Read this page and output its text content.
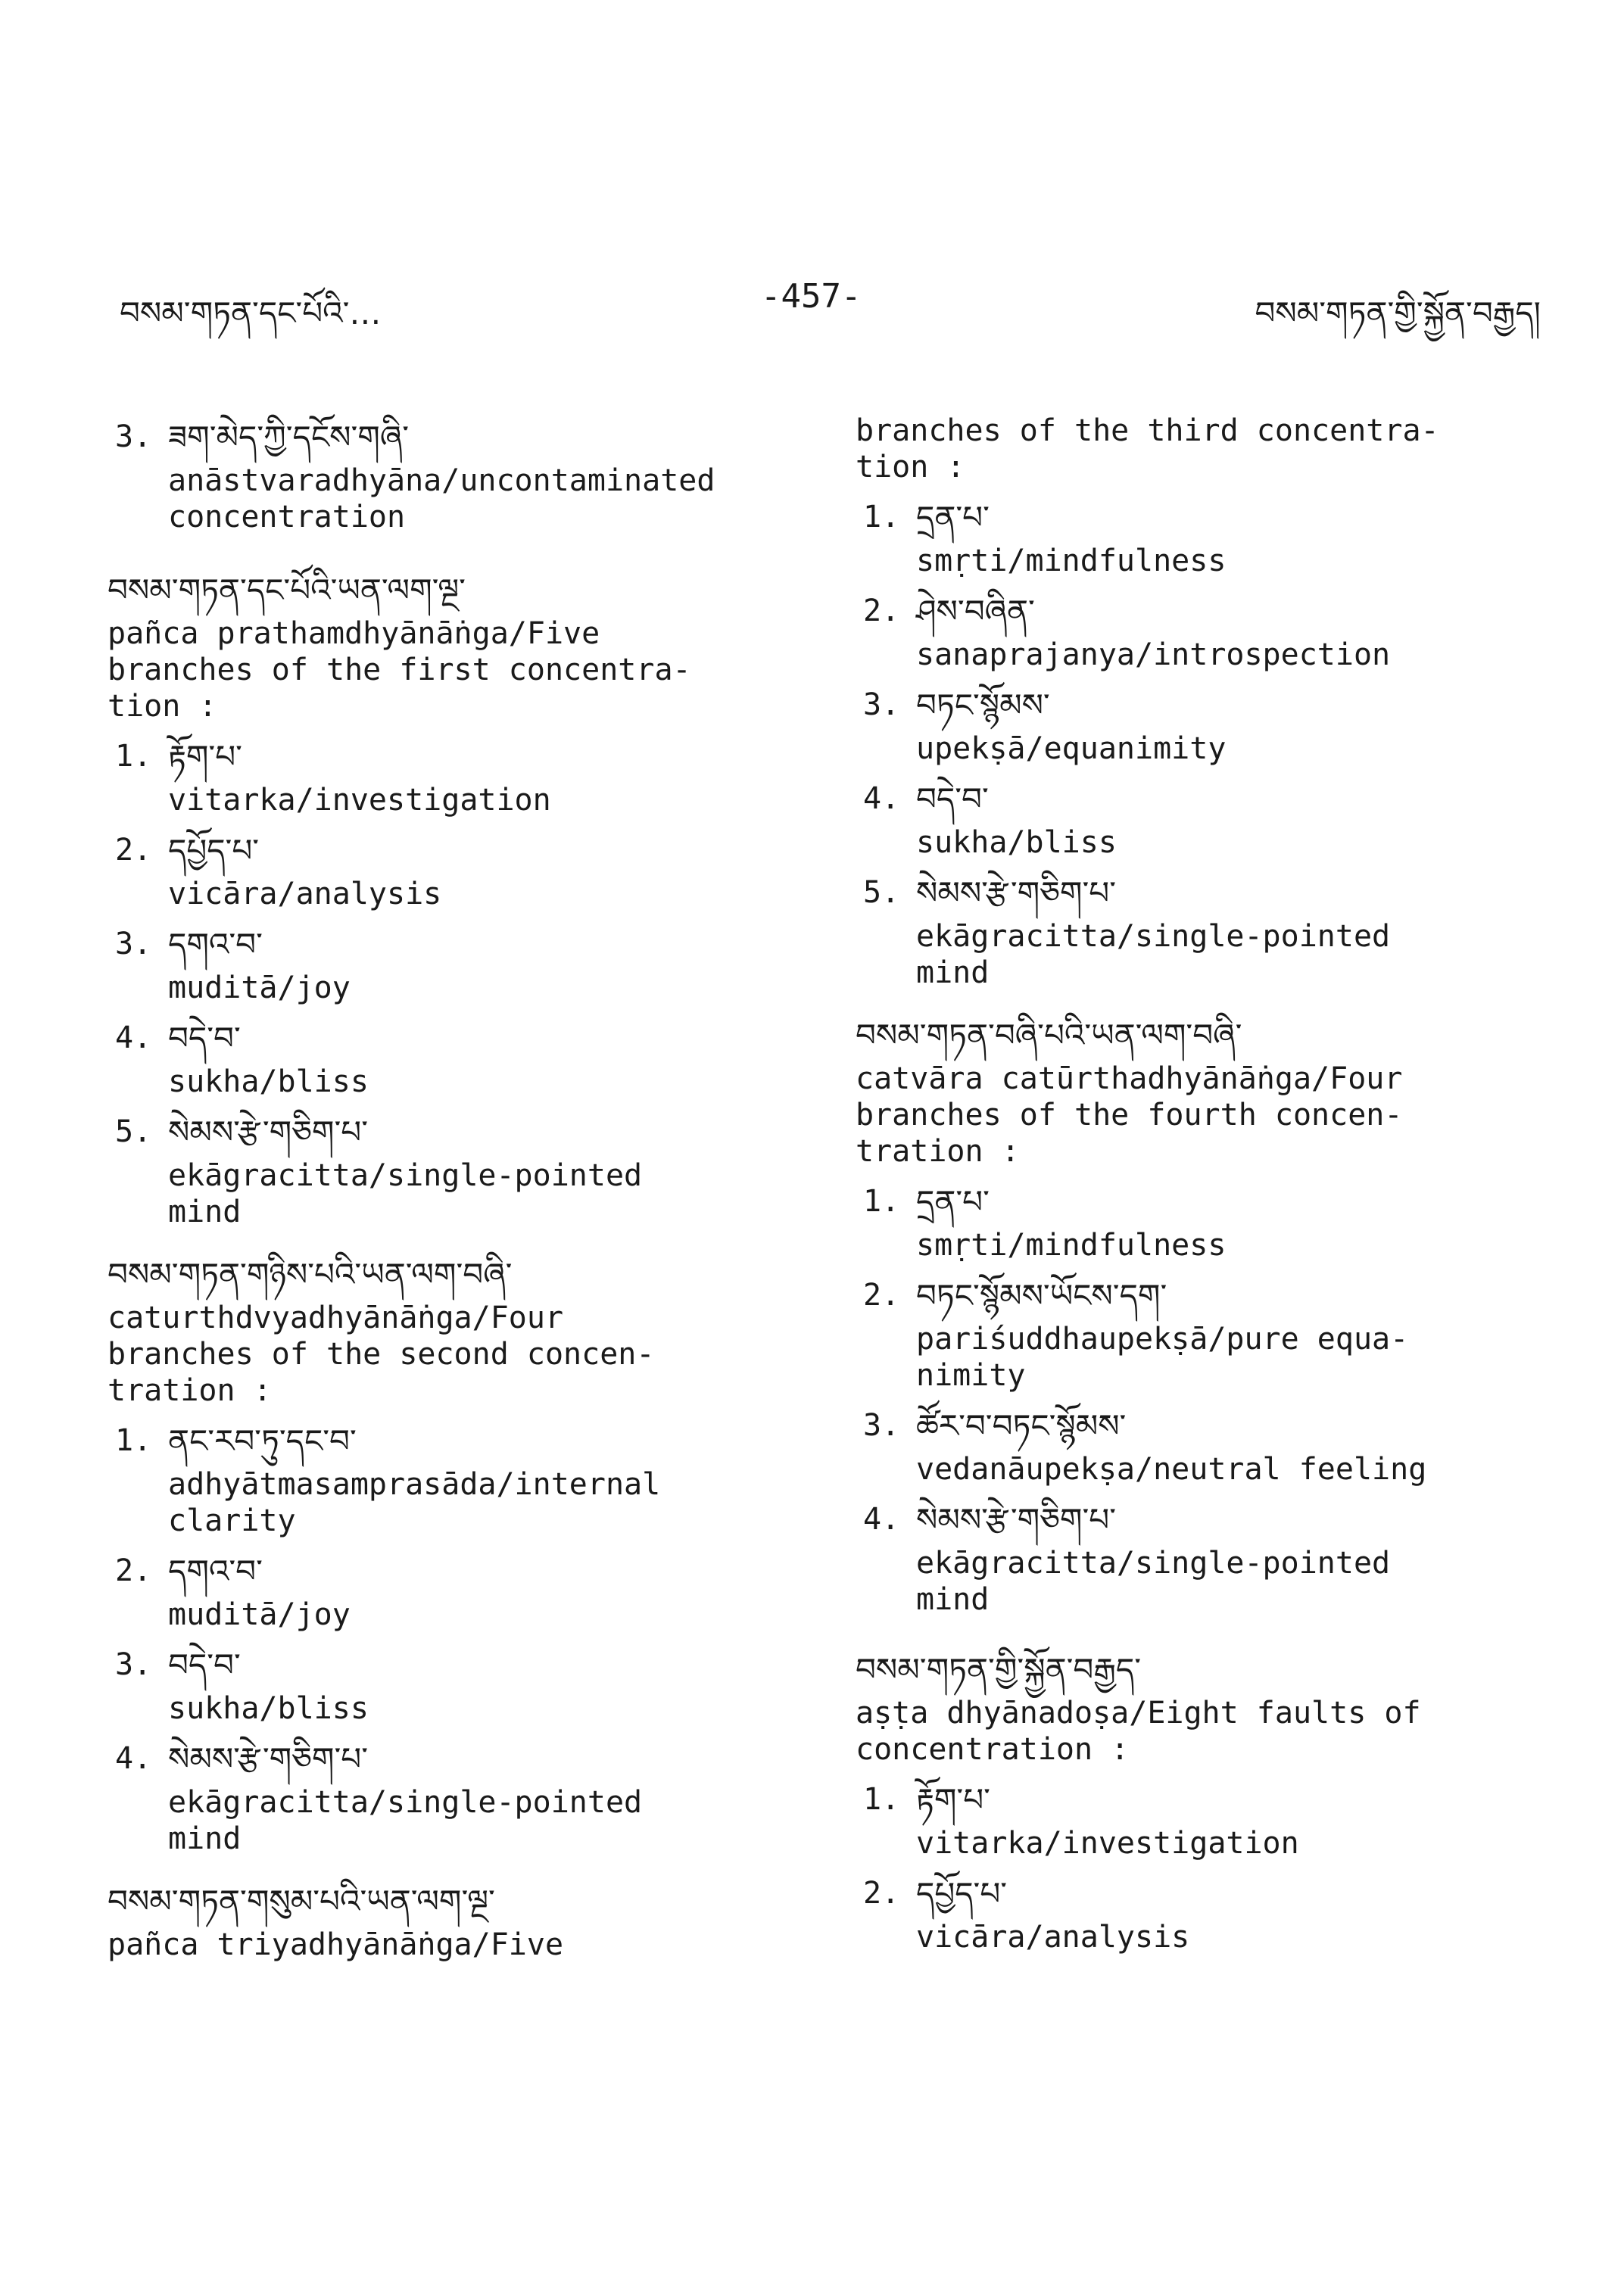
བསམ་གཏན་དང་པོའི་…	-457-	བསམ་གཏན་གྱི་སྐྱོན་བརྒྱད།
3. ཟག་མེད་ཀྱི་དངོས་གཞི་
anāstvaradhyāna/uncontaminated
concentration
བསམ་གཏན་དང་པོའི་ཡན་ལག་ལྔ་
pañca prathamdhyānāṅga/Five
branches of the first concentra-
tion :
1. རྟོག་པ་
vitarka/investigation
2. དཔྱོད་པ་
vicāra/analysis
3. དགའ་བ་
muditā/joy
4. བདེ་བ་
sukha/bliss
5. སེམས་རྩེ་གཅིག་པ་
ekāgracitta/single-pointed
mind
བསམ་གཏན་གཉིས་པའི་ཡན་ལག་བཞི་
caturthdvyadhyānāṅga/Four
branches of the second concen-
tration :
1. ནང་རབ་ཏུ་དང་བ་
adhyātmasamprasāda/internal
clarity
2. དགའ་བ་
muditā/joy
3. བདེ་བ་
sukha/bliss
4. སེམས་རྩེ་གཅིག་པ་
ekāgracitta/single-pointed
mind
བསམ་གཏན་གསུམ་པའི་ཡན་ལག་ལྔ་
pañca triyadhyānāṅga/Five
branches of the third concentra-
tion :
1. དྲན་པ་
smṛti/mindfulness
2. ཤེས་བཞིན་
sanaprajanya/introspection
3. བཏང་སྙོམས་
upekṣā/equanimity
4. བདེ་བ་
sukha/bliss
5. སེམས་རྩེ་གཅིག་པ་
ekāgracitta/single-pointed
mind
བསམ་གཏན་བཞི་པའི་ཡན་ལག་བཞི་
catvāra catūrthadhyānāṅga/Four
branches of the fourth concen-
tration :
1. དྲན་པ་
smṛti/mindfulness
2. བཏང་སྙོམས་ཡོངས་དག་
pariśuddhaupekṣā/pure equa-
nimity
3. ཚོར་བ་བཏང་སྙོམས་
vedanāupekṣa/neutral feeling
4. སེམས་རྩེ་གཅིག་པ་
ekāgracitta/single-pointed
mind
བསམ་གཏན་གྱི་སྐྱོན་བརྒྱད་
aṣṭa dhyānadoṣa/Eight faults of
concentration :
1. རྟོག་པ་
vitarka/investigation
2. དཔྱོད་པ་
vicāra/analysis
